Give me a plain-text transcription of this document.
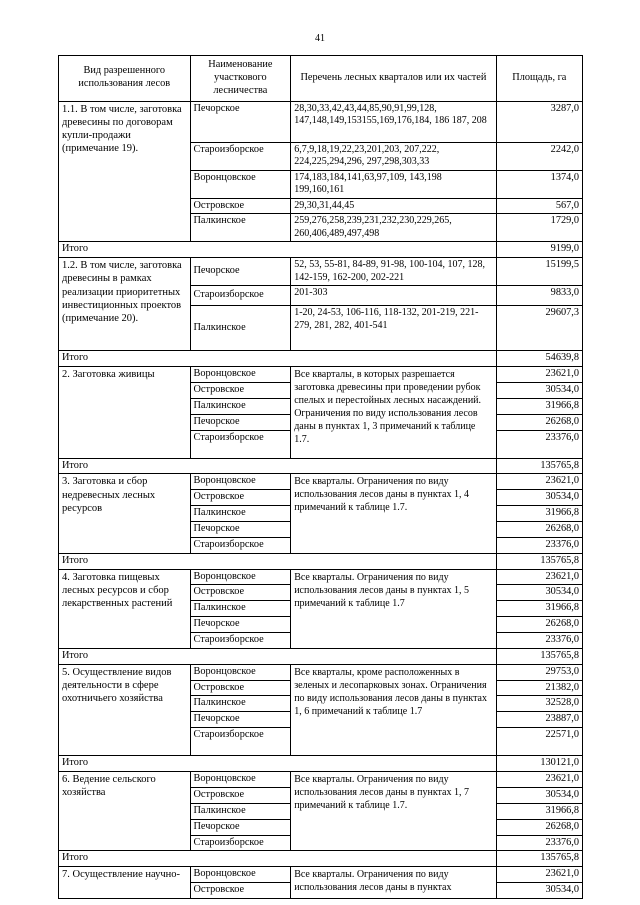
41
Вид разрешенного использования лесов	Наименование участкового лесничества	Перечень лесных кварталов или их частей	Площадь, га
1.1. В том числе, заготовка древесины по договорам купли-продажи (примечание 19).	Печорское	28,30,33,42,43,44,85,90,91,99,128, 147,148,149,153155,169,176,184, 186 187, 208	3287,0
	Староизборское	6,7,9,18,19,22,23,201,203, 207,222, 224,225,294,296, 297,298,303,33	2242,0
	Воронцовское	174,183,184,141,63,97,109, 143,198 199,160,161	1374,0
	Островское	29,30,31,44,45	567,0
	Палкинское	259,276,258,239,231,232,230,229,265, 260,406,489,497,498	1729,0
Итого			9199,0
1.2. В том числе, заготовка древесины в рамках реализации приоритетных инвестиционных проектов (примечание 20).	Печорское	52, 53, 55-81, 84-89, 91-98, 100-104, 107, 128, 142-159, 162-200, 202-221	15199,5
	Староизборское	201-303	9833,0
	Палкинское	1-20, 24-53, 106-116, 118-132, 201-219, 221-279, 281, 282, 401-541	29607,3
Итого			54639,8
2. Заготовка живицы	Воронцовское	Все кварталы, в которых разрешается заготовка древесины при проведении рубок спелых и перестойных лесных насаждений. Ограничения по виду использования лесов даны в пунктах 1, 3 примечаний к таблице 1.7.	23621,0
	Островское		30534,0
	Палкинское		31966,8
	Печорское		26268,0
	Староизборское		23376,0
Итого			135765,8
3. Заготовка и сбор недревесных лесных ресурсов	Воронцовское	Все кварталы. Ограничения по виду использования лесов даны в пунктах 1, 4 примечаний к таблице 1.7.	23621,0
	Островское		30534,0
	Палкинское		31966,8
	Печорское		26268,0
	Староизборское		23376,0
Итого			135765,8
4. Заготовка пищевых лесных ресурсов и сбор лекарственных растений	Воронцовское	Все кварталы. Ограничения по виду использования лесов даны в пунктах 1, 5 примечаний к таблице 1.7	23621,0
	Островское		30534,0
	Палкинское		31966,8
	Печорское		26268,0
	Староизборское		23376,0
Итого			135765,8
5. Осуществление видов деятельности в сфере охотничьего хозяйства	Воронцовское	Все кварталы, кроме расположенных в зеленых и лесопарковых зонах. Ограничения по виду использования лесов даны в пунктах 1, 6 примечаний к таблице 1.7	29753,0
	Островское		21382,0
	Палкинское		32528,0
	Печорское		23887,0
	Староизборское		22571,0
Итого			130121,0
6. Ведение сельского хозяйства	Воронцовское	Все кварталы. Ограничения по виду использования лесов даны в пунктах 1, 7 примечаний к таблице 1.7.	23621,0
	Островское		30534,0
	Палкинское		31966,8
	Печорское		26268,0
	Староизборское		23376,0
Итого			135765,8
7. Осуществление научно-	Воронцовское	Все кварталы. Ограничения по виду использования лесов даны в пунктах	23621,0
	Островское		30534,0
